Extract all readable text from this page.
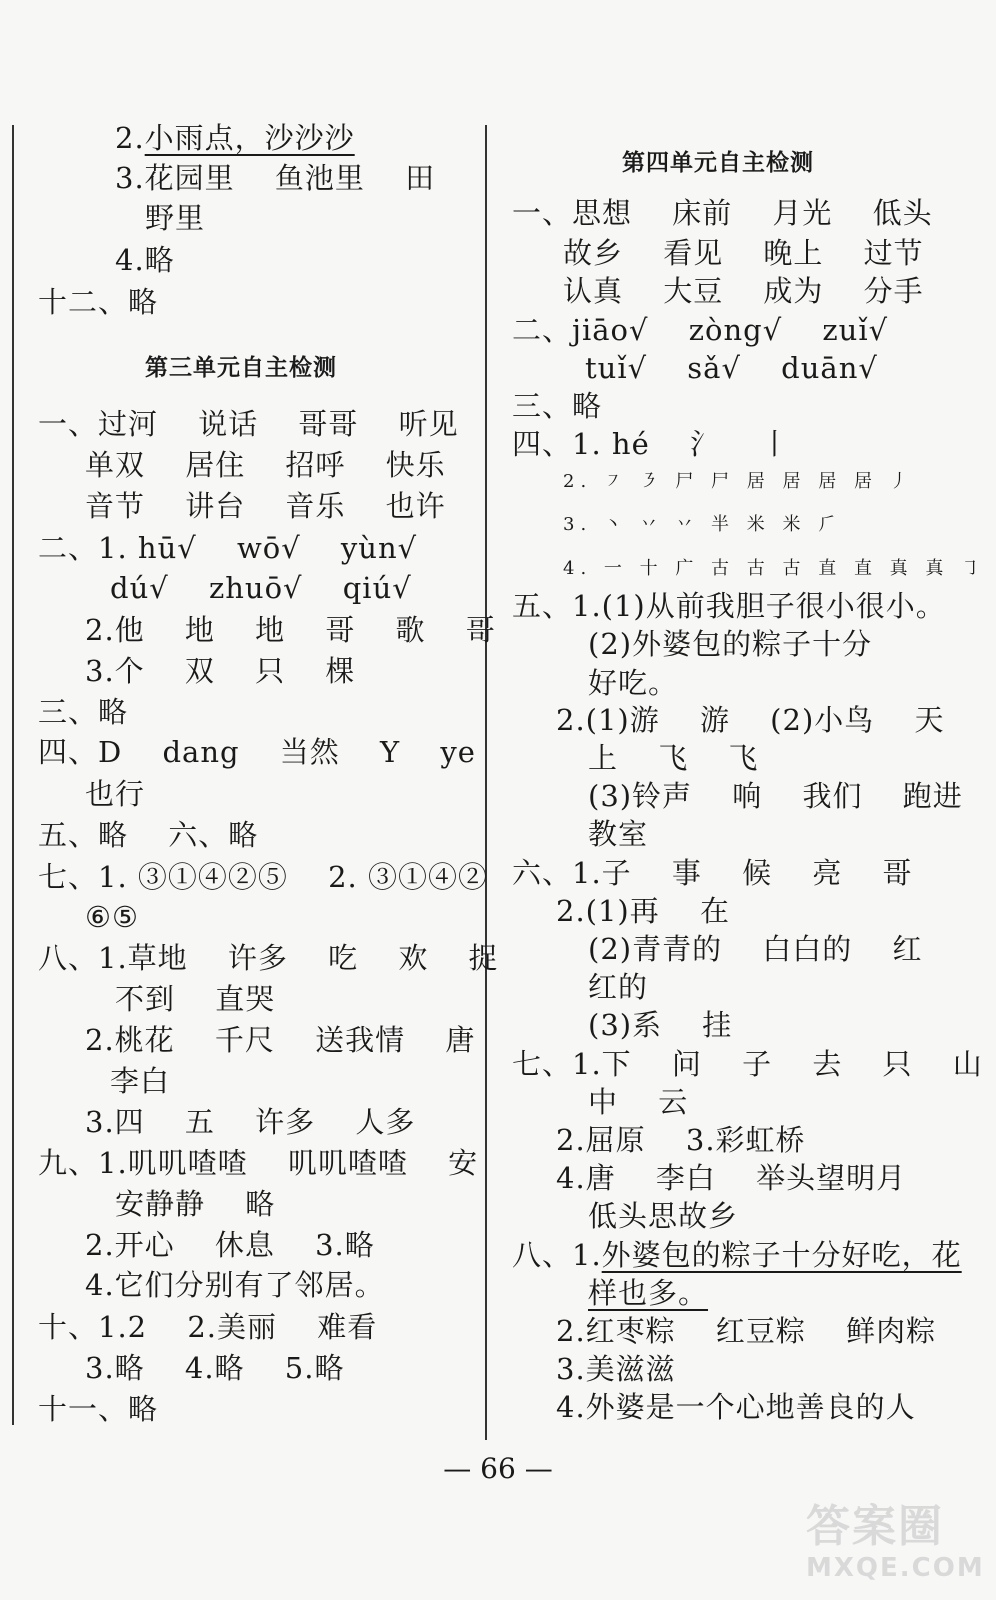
2.小雨点，沙沙沙
3.花园里　 鱼池里　 田
野里
4.略
十二、略
第三单元自主检测
一、过河　 说话　 哥哥　 听见
单双　 居住　 招呼　 快乐
音节　 讲台　 音乐　 也许
二、1. hū√　 wō√　 yùn√
dú√　 zhuō√　 qiú√
2.他　 地　 地　 哥　 歌　 哥
3.个　 双　 只　 棵
三、略
四、D　 dang　 当然　 Y　 ye
也行
五、略　 六、略
七、1. ③①④②⑤　 2. ③①④②
⑥⑤
八、1.草地　 许多　 吃　 欢　 捉
不到　 直哭
2.桃花　 千尺　 送我情　 唐
李白
3.四　 五　 许多　 人多
九、1.叽叽喳喳　 叽叽喳喳　 安
安静静　 略
2.开心　 休息　 3.略
4.它们分别有了邻居。
十、1.2　 2.美丽　 难看
3.略　 4.略　 5.略
十一、略
第四单元自主检测
一、思想　 床前　 月光　 低头
故乡　 看见　 晚上　 过节
认真　 大豆　 成为　 分手
二、jiāo√　 zòng√　 zuǐ√
tuǐ√　 sǎ√　 duān√
三、略
四、1. hé　 氵　 丨
2. ㇇ ㇋ 尸 尸 居 居 居 居 丿
3. 丶 丷 丷 半 米 米 ⺁
4. 一 十 广 古 古 古 直 直 真 真 ㇆
五、1.(1)从前我胆子很小很小。
(2)外婆包的粽子十分
好吃。
2.(1)游　 游　 (2)小鸟　 天
上　 飞　 飞
(3)铃声　 响　 我们　 跑进
教室
六、1.子　 事　 候　 亮　 哥
2.(1)再　 在
(2)青青的　 白白的　 红
红的
(3)系　 挂
七、1.下　 问　 子　 去　 只　 山
中　 云
2.屈原　 3.彩虹桥
4.唐　 李白　 举头望明月
低头思故乡
八、1.外婆包的粽子十分好吃，花
样也多。
2.红枣粽　 红豆粽　 鲜肉粽
3.美滋滋
4.外婆是一个心地善良的人
— 66 —
答案圈
MXQE.COM
